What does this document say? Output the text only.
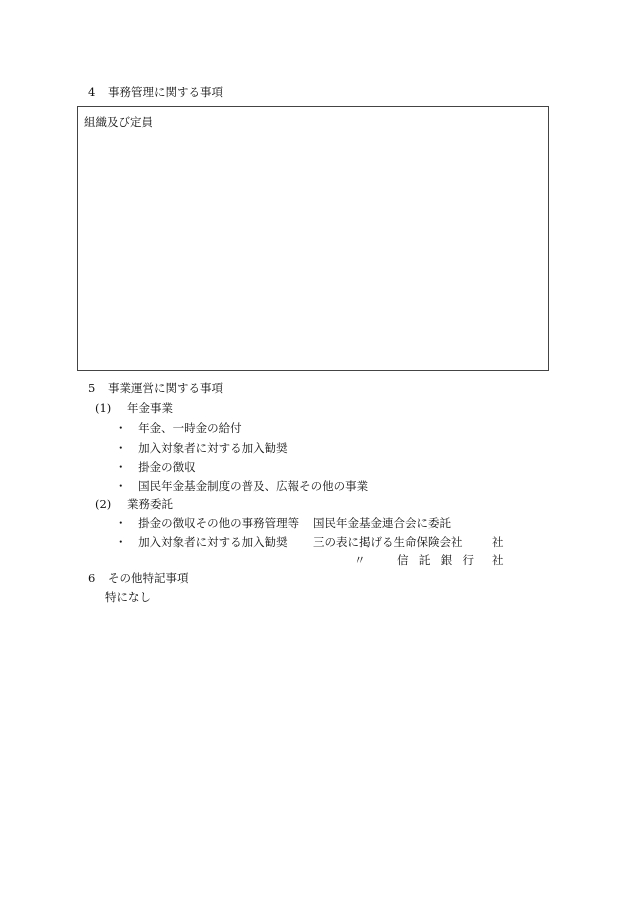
4 事務管理に関する事項
組織及び定員
5 事業運営に関する事項
(1) 年金事業
・ 年金、一時金の給付
・ 加入対象者に対する加入勧奨
・ 掛金の徴収
・ 国民年金基金制度の普及、広報その他の事業
(2) 業務委託
・ 掛金の徴収その他の事務管理等 国民年金基金連合会に委託
・ 加入対象者に対する加入勧奨 三の表に掲げる生命保険会社	社
〃	信託銀行 社
6 その他特記事項
特になし
